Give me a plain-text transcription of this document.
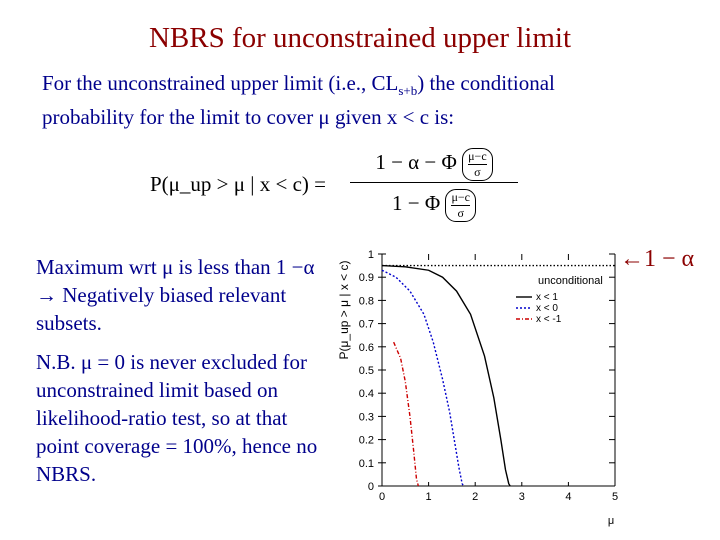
NBRS for unconstrained upper limit
For the unconstrained upper limit (i.e., $CL_{s+b}$) the conditional
probability for the limit to cover μ given x < c is:
P(μ_up > μ | x < c) =
1 − α − Φ $\frac{\mu-c}{\sigma}$
1 − Φ $\frac{\mu-c}{\sigma}$
Maximum wrt μ is less than 1 −α → Negatively biased relevant subsets.
N.B. μ = 0 is never excluded for unconstrained limit based on likelihood-ratio test, so at that point coverage = 100%, hence no NBRS.
←1 − α
0
0.1
0.2
0.3
0.4
0.5
0.6
0.7
0.8
0.9
1
0	1	2	3	4	5
μ
P(μ_up > μ | x < c)	unconditional
x < 1
x < 0
x < -1
